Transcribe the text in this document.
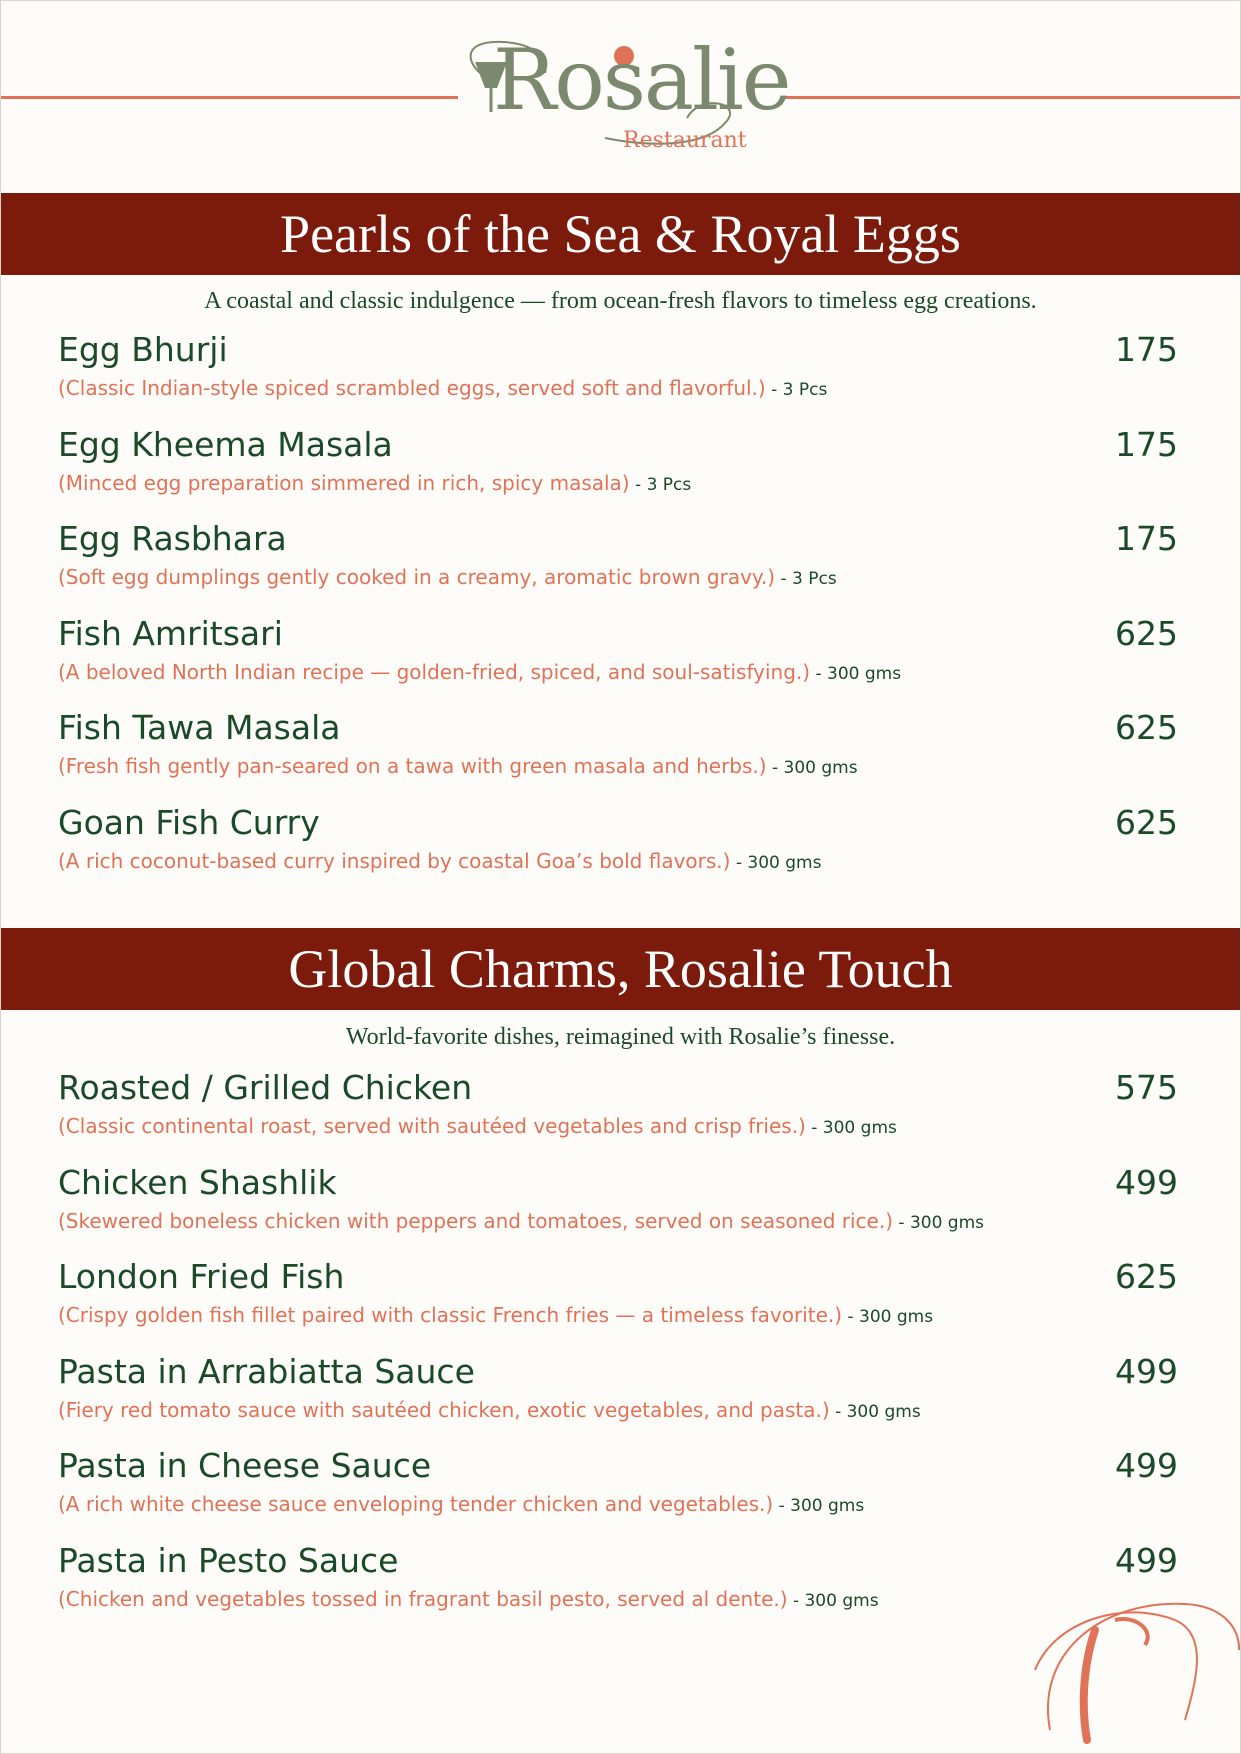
Rosalie
Restaurant
Pearls of the Sea & Royal Eggs
A coastal and classic indulgence — from ocean-fresh flavors to timeless egg creations.
Egg Bhurji	175
(Classic Indian-style spiced scrambled eggs, served soft and flavorful.) - 3 Pcs
Egg Kheema Masala	175
(Minced egg preparation simmered in rich, spicy masala) - 3 Pcs
Egg Rasbhara	175
(Soft egg dumplings gently cooked in a creamy, aromatic brown gravy.) - 3 Pcs
Fish Amritsari	625
(A beloved North Indian recipe — golden-fried, spiced, and soul-satisfying.) - 300 gms
Fish Tawa Masala	625
(Fresh fish gently pan-seared on a tawa with green masala and herbs.) - 300 gms
Goan Fish Curry	625
(A rich coconut-based curry inspired by coastal Goa’s bold flavors.) - 300 gms
Global Charms, Rosalie Touch
World-favorite dishes, reimagined with Rosalie’s finesse.
Roasted / Grilled Chicken	575
(Classic continental roast, served with sautéed vegetables and crisp fries.) - 300 gms
Chicken Shashlik	499
(Skewered boneless chicken with peppers and tomatoes, served on seasoned rice.) - 300 gms
London Fried Fish	625
(Crispy golden fish fillet paired with classic French fries — a timeless favorite.) - 300 gms
Pasta in Arrabiatta Sauce	499
(Fiery red tomato sauce with sautéed chicken, exotic vegetables, and pasta.) - 300 gms
Pasta in Cheese Sauce	499
(A rich white cheese sauce enveloping tender chicken and vegetables.) - 300 gms
Pasta in Pesto Sauce	499
(Chicken and vegetables tossed in fragrant basil pesto, served al dente.) - 300 gms
